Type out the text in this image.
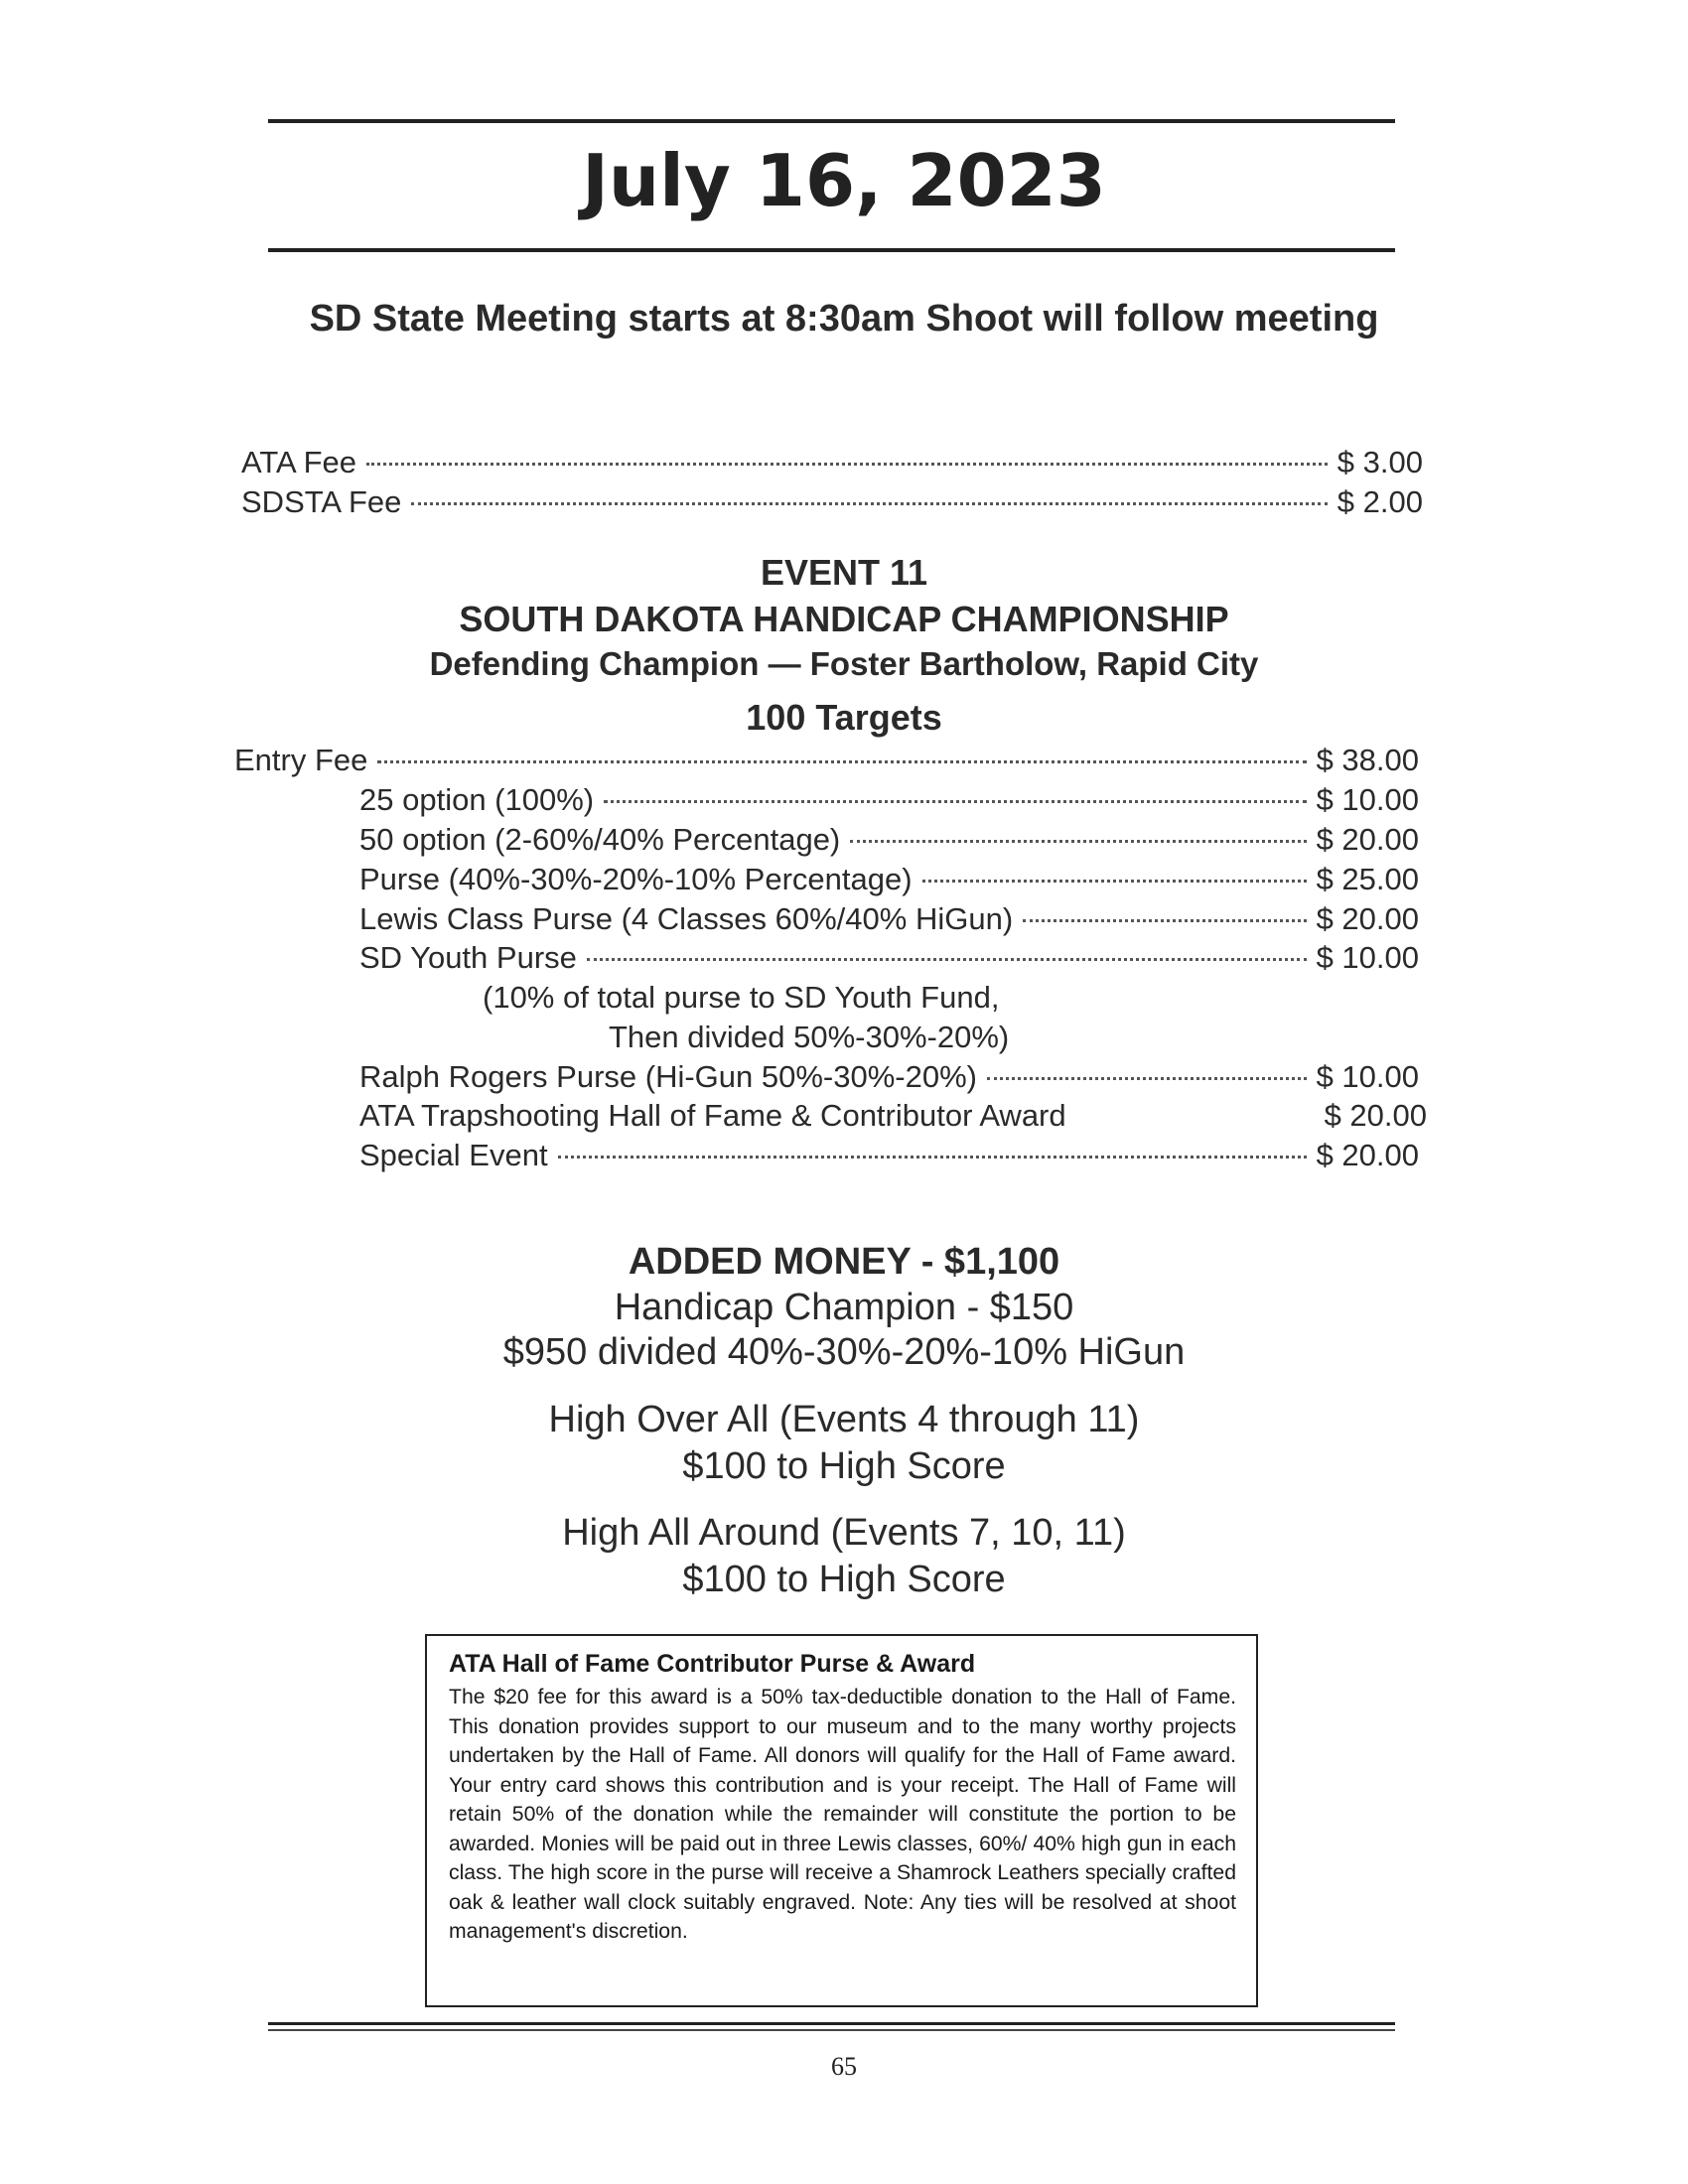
July 16, 2023
SD State Meeting starts at 8:30am Shoot will follow meeting
ATA Fee	$ 3.00
SDSTA Fee	$ 2.00
EVENT 11
SOUTH DAKOTA HANDICAP CHAMPIONSHIP
Defending Champion — Foster Bartholow, Rapid City
100 Targets
Entry Fee	$ 38.00
25 option (100%)	$ 10.00
50 option (2-60%/40% Percentage)	$ 20.00
Purse (40%-30%-20%-10% Percentage)	$ 25.00
Lewis Class Purse (4 Classes 60%/40% HiGun)	$ 20.00
SD Youth Purse	$ 10.00
(10% of total purse to SD Youth Fund,
Then divided 50%-30%-20%)
Ralph Rogers Purse (Hi-Gun 50%-30%-20%)	$ 10.00
ATA Trapshooting Hall of Fame & Contributor Award	$ 20.00
Special Event	$ 20.00
ADDED MONEY - $1,100
Handicap Champion - $150
$950 divided 40%-30%-20%-10% HiGun
High Over All (Events 4 through 11)
$100 to High Score
High All Around (Events 7, 10, 11)
$100 to High Score
ATA Hall of Fame Contributor Purse & Award
The $20 fee for this award is a 50% tax-deductible donation to the Hall of Fame. This donation provides support to our museum and to the many worthy projects undertaken by the Hall of Fame. All donors will qualify for the Hall of Fame award. Your entry card shows this contribution and is your receipt. The Hall of Fame will retain 50% of the donation while the remainder will constitute the portion to be awarded. Monies will be paid out in three Lewis classes, 60%/ 40% high gun in each class. The high score in the purse will receive a Shamrock Leathers specially crafted oak & leather wall clock suitably engraved. Note: Any ties will be resolved at shoot management's discretion.
65
